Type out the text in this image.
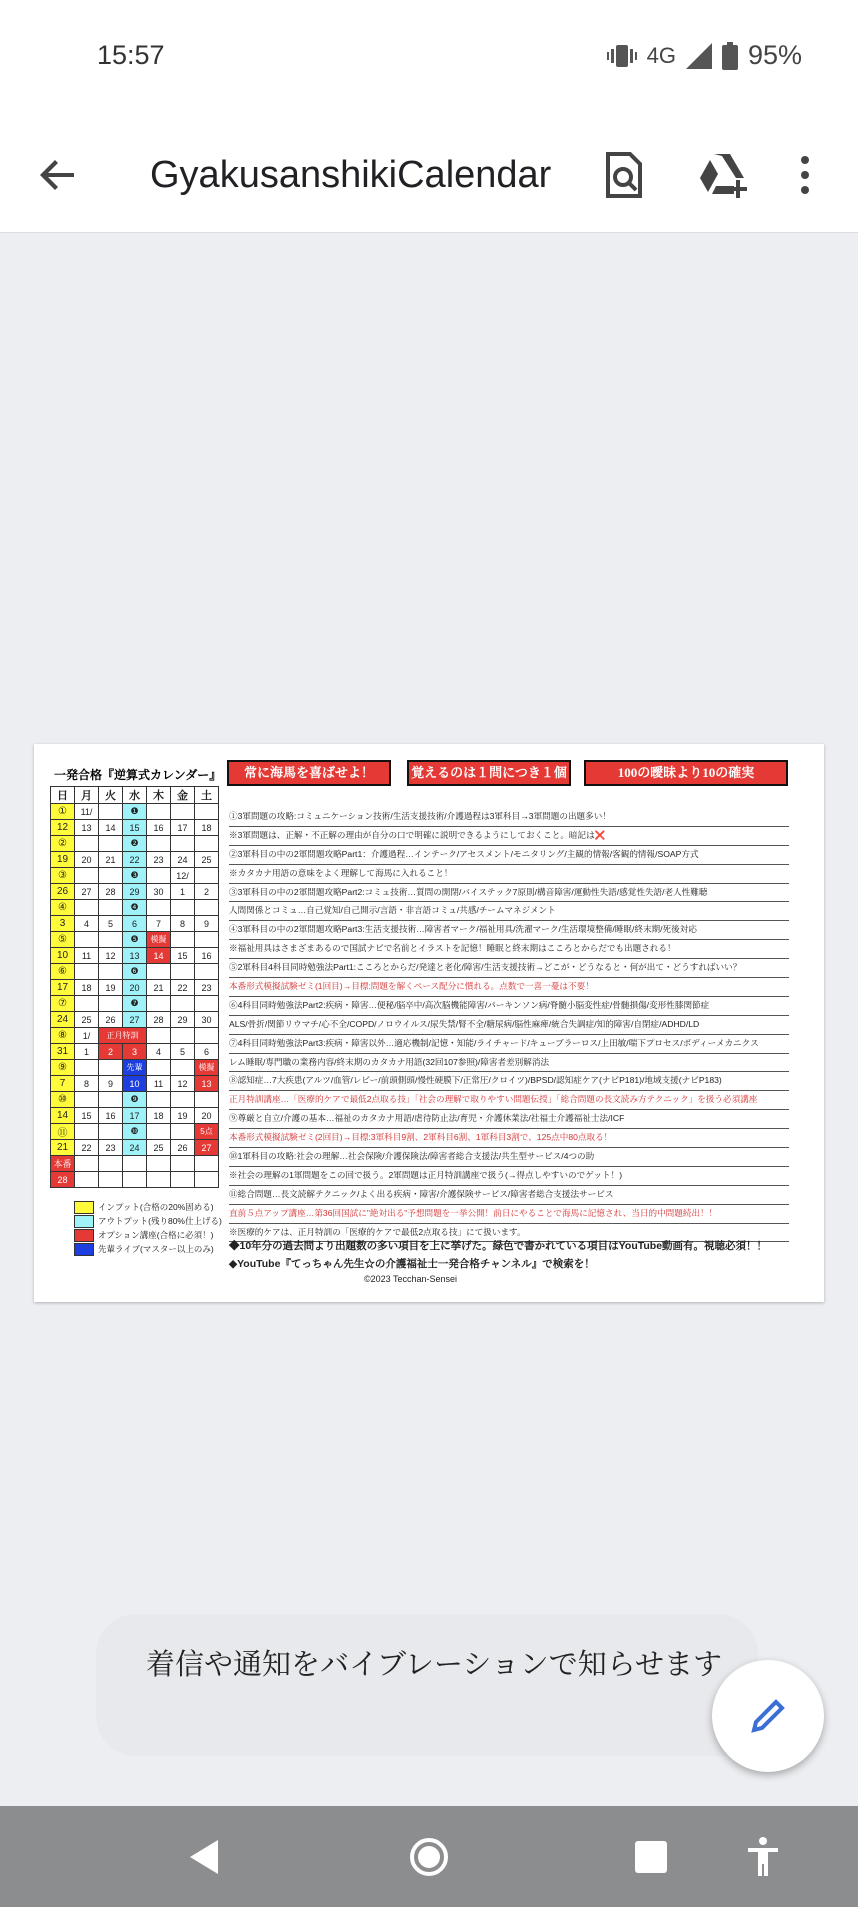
15:57	4G	95%
GyakusanshikiCalendar
一発合格『逆算式カレンダー』	常に海馬を喜ばせよ！	覚えるのは１問につき１個	100の曖昧より10の確実
日	月	火	水	木	金	土
①	11/		❶			
12	13	14	15	16	17	18
②			❷			
19	20	21	22	23	24	25
③			❸		12/	
26	27	28	29	30	1	2
④			❹			
3	4	5	6	7	8	9
⑤			❺	模擬		
10	11	12	13	14	15	16
⑥			❻			
17	18	19	20	21	22	23
⑦			❼			
24	25	26	27	28	29	30
⑧	1/	正月特訓				
31	1	2	3	4	5	6
⑨			先輩			模擬
7	8	9	10	11	12	13
⑩			❾			
14	15	16	17	18	19	20
⑪			❿			5点
21	22	23	24	25	26	27
本番						
28						
①3軍問題の攻略:コミュニケーション技術/生活支援技術/介護過程は3軍科目→3軍問題の出題多い！
※3軍問題は、正解・不正解の理由が自分の口で明確に説明できるようにしておくこと。暗記は❌
②3軍科目の中の2軍問題攻略Part1：介護過程…インテーク/アセスメント/モニタリング/主観的情報/客観的情報/SOAP方式
※カタカナ用語の意味をよく理解して海馬に入れること！
③3軍科目の中の2軍問題攻略Part2:コミュ技術…質問の開閉/バイステック7原則/構音障害/運動性失語/感覚性失語/老人性難聴
人間関係とコミュ…自己覚知/自己開示/言語・非言語コミュ/共感/チームマネジメント
④3軍科目の中の2軍問題攻略Part3:生活支援技術…障害者マーク/福祉用具/洗濯マーク/生活環境整備/睡眠/終末期/死後対応
※福祉用具はさまざまあるので国試ナビで名前とイラストを記憶！睡眠と終末期はこころとからだでも出題される！
⑤2軍科目4科目同時勉強法Part1:こころとからだ/発達と老化/障害/生活支援技術→どこが・どうなると・何が出て・どうすればいい？
本番形式模擬試験ゼミ(1回目)→目標:問題を解くペース配分に慣れる。点数で一喜一憂は不要！
⑥4科目同時勉強法Part2:疾病・障害…便秘/脳卒中/高次脳機能障害/パーキンソン病/脊髄小脳変性症/骨髄損傷/変形性膝関節症
ALS/骨折/関節リウマチ/心不全/COPD/ノロウイルス/尿失禁/腎不全/糖尿病/脳性麻痺/統合失調症/知的障害/自閉症/ADHD/LD
⑦4科目同時勉強法Part3:疾病・障害以外…適応機制/記憶・知能/ライチャード/キューブラーロス/上田敏/喘下プロセス/ボディーメカニクス
レム睡眠/専門職の業務内容/終末期のカタカナ用語(32回107参照)/障害者差別解消法
⑧認知症…7大疾患(アルツ/血管/レビー/前頭側頭/慢性硬膜下/正常圧/クロイツ)/BPSD/認知症ケア(ナビP181)/地域支援(ナビP183)
正月特訓講座…「医療的ケアで最低2点取る技」「社会の理解で取りやすい問題伝授」「総合問題の長文読み方テクニック」を扱う必須講座
⑨尊厳と自立/介護の基本…福祉のカタカナ用語/虐待防止法/育児・介護休業法/社福士介護福祉士法/ICF
本番形式模擬試験ゼミ(2回目)→目標:3軍科目9割、2軍科目6割、1軍科目3割で、125点中80点取る！
⑩1軍科目の攻略:社会の理解…社会保険/介護保険法/障害者総合支援法/共生型サービス/4つの助
※社会の理解の1軍問題をこの回で扱う。2軍問題は正月特訓講座で扱う(→得点しやすいのでゲット！)
⑪総合問題…長文読解テクニック/よく出る疾病・障害/介護保険サービス/障害者総合支援法サービス
直前５点アップ講座…第36回国試に"絶対出る"予想問題を一挙公開！前日にやることで海馬に記憶され、当日的中問題続出！！
※医療的ケアは、正月特訓の「医療的ケアで最低2点取る技」にて扱います。
インプット(合格の20%固める)
アウトプット(残り80%仕上げる)
オプション講座(合格に必須！)
先輩ライブ(マスター以上のみ) ◆10年分の過去問より出題数の多い項目を上に挙げた。緑色で書かれている項目はYouTube動画有。視聴必須！！
◆YouTube『てっちゃん先生☆の介護福祉士一発合格チャンネル』で検索を！
©2023 Tecchan-Sensei
着信や通知をバイブレーションで知らせます
